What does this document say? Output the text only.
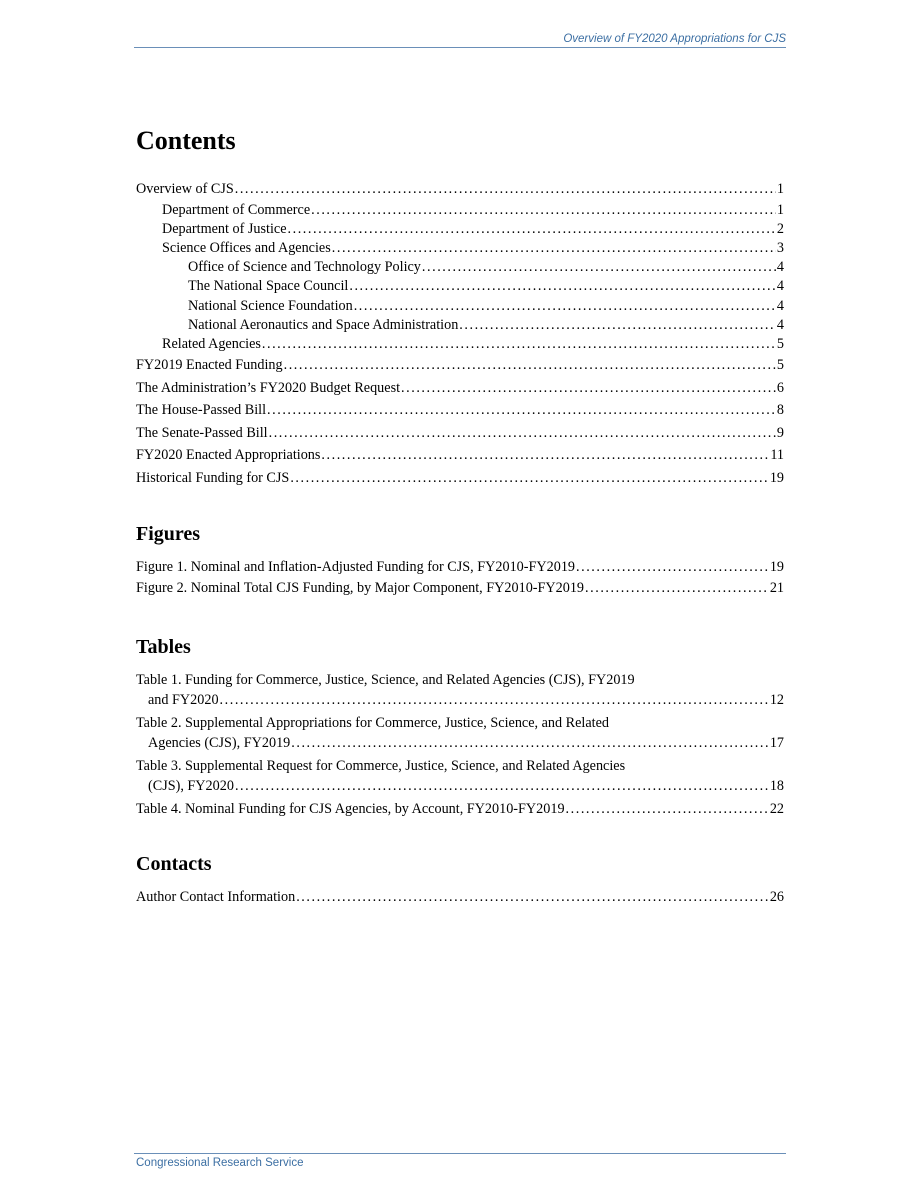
Overview of FY2020 Appropriations for CJS
Contents
Overview of CJS . . .	1
Department of Commerce . . .	1
Department of Justice . . .	2
Science Offices and Agencies . . .	3
Office of Science and Technology Policy . . .	4
The National Space Council . . .	4
National Science Foundation . . .	4
National Aeronautics and Space Administration . . .	4
Related Agencies . . .	5
FY2019 Enacted Funding . . .	5
The Administration’s FY2020 Budget Request . . .	6
The House-Passed Bill . . .	8
The Senate-Passed Bill . . .	9
FY2020 Enacted Appropriations . . .	11
Historical Funding for CJS . . .	19
Figures
Figure 1. Nominal and Inflation-Adjusted Funding for CJS, FY2010-FY2019 . . .	19
Figure 2. Nominal Total CJS Funding, by Major Component, FY2010-FY2019 . . .	21
Tables
Table 1. Funding for Commerce, Justice, Science, and Related Agencies (CJS), FY2019
and FY2020 . . .	12
Table 2. Supplemental Appropriations for Commerce, Justice, Science, and Related
Agencies (CJS), FY2019 . . .	17
Table 3. Supplemental Request for Commerce, Justice, Science, and Related Agencies
(CJS), FY2020 . . .	18
Table 4. Nominal Funding for CJS Agencies, by Account, FY2010-FY2019 . . .	22
Contacts
Author Contact Information . . .	26
Congressional Research Service
